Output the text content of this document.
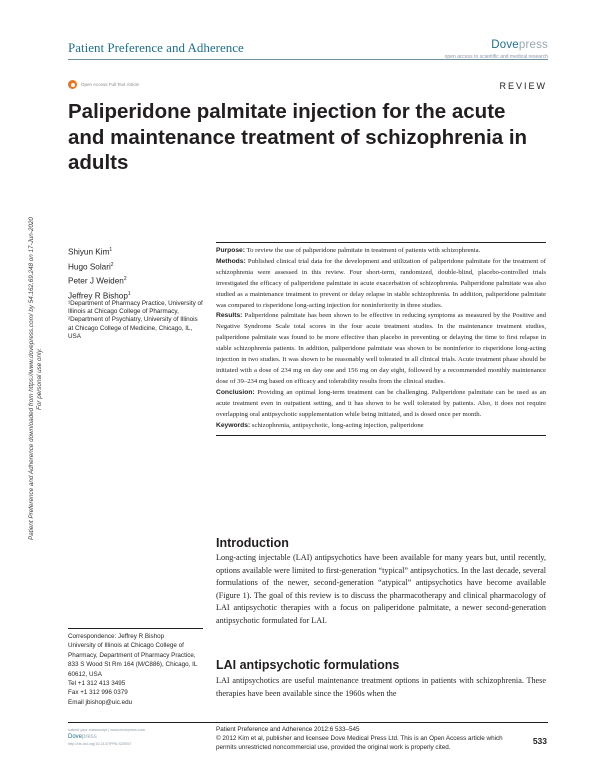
Patient Preference and Adherence	Dovepress
open access to scientific and medical research
Open Access Full Text Article	REVIEW
Paliperidone palmitate injection for the acute and maintenance treatment of schizophrenia in adults
Patient Preference and Adherence downloaded from https://www.dovepress.com/ by 54.162.69.248 on 17-Jun-2020 For personal use only.
Shiyun Kim$^1$
Hugo Solari$^2$
Peter J Weiden$^2$
Jeffrey R Bishop$^1$
¹Department of Pharmacy Practice, University of Illinois at Chicago College of Pharmacy, ²Department of Psychiatry, University of Illinois at Chicago College of Medicine, Chicago, IL, USA

Purpose: To review the use of paliperidone palmitate in treatment of patients with schizophrenia.

Methods: Published clinical trial data for the development and utilization of paliperidone palmitate for the treatment of schizophrenia were assessed in this review. Four short-term, randomized, double-blind, placebo-controlled trials investigated the efficacy of paliperidone palmitate in acute exacerbation of schizophrenia. Paliperidone palmitate was also studied as a maintenance treatment to prevent or delay relapse in stable schizophrenia. In addition, paliperidone palmitate was compared to risperidone long-acting injection for noninferiority in three studies.

Results: Paliperidone palmitate has been shown to be effective in reducing symptoms as measured by the Positive and Negative Syndrome Scale total scores in the four acute treatment studies. In the maintenance treatment studies, paliperidone palmitate was found to be more effective than placebo in preventing or delaying the time to first relapse in stable schizophrenia patients. In addition, paliperidone palmitate was shown to be noninferior to risperidone long-acting injection in two studies. It was shown to be reasonably well tolerated in all clinical trials. Acute treatment phase should be initiated with a dose of 234 mg on day one and 156 mg on day eight, followed by a recommended monthly maintenance dose of 39–234 mg based on efficacy and tolerability results from the clinical studies.

Conclusion: Providing an optimal long-term treatment can be challenging. Paliperidone palmitate can be used as an acute treatment even in outpatient setting, and it has shown to be well tolerated by patients. Also, it does not require overlapping oral antipsychotic supplementation while being initiated, and is dosed once per month.

Keywords: schizophrenia, antipsychotic, long-acting injection, paliperidone

Introduction

Long-acting injectable (LAI) antipsychotics have been available for many years but, until recently, options available were limited to first-generation “typical” antipsychotics. In the last decade, several formulations of the newer, second-generation “atypical” antipsychotics have become available (Figure 1). The goal of this review is to discuss the pharmacotherapy and clinical pharmacology of LAI antipsychotic therapies with a focus on paliperidone palmitate, a newer second-generation antipsychotic formulated for LAI.

LAI antipsychotic formulations

LAI antipsychotics are useful maintenance treatment options in patients with schizophrenia. These therapies have been available since the 1960s when the

Correspondence: Jeffrey R Bishop
University of Illinois at Chicago College of Pharmacy, Department of Pharmacy Practice, 833 S Wood St Rm 164 (M/C886), Chicago, IL 60612, USA
Tel +1 312 413 3495
Fax +1 312 996 0379
Email jbishop@uic.edu
submit your manuscript | www.dovepress.com
Dovepress
http://dx.doi.org/10.2147/PPA.S20057
Patient Preference and Adherence 2012:6 533–545
© 2012 Kim et al, publisher and licensee Dove Medical Press Ltd. This is an Open Access article which permits unrestricted noncommercial use, provided the original work is properly cited.
533
